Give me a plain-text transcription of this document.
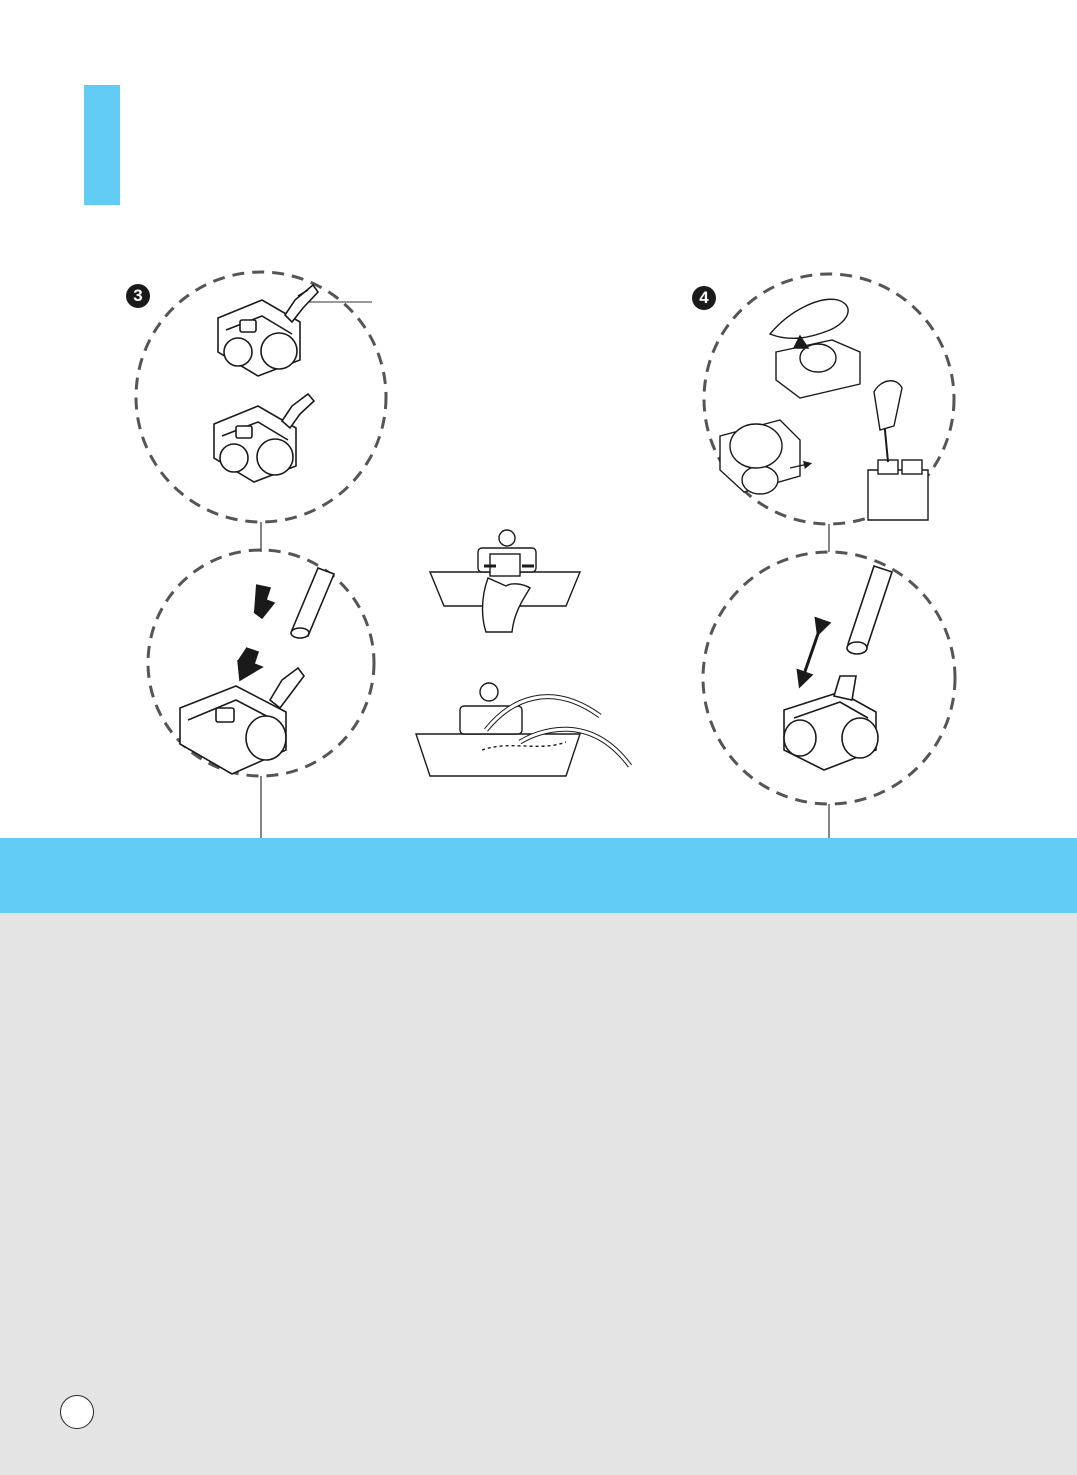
3	4
